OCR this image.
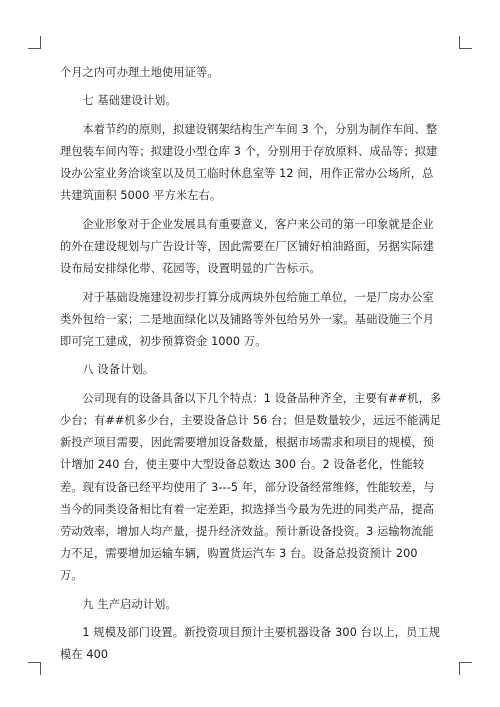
个月之内可办理土地使用证等。

七 基础建设计划。

本着节约的原则，拟建设钢架结构生产车间 3 个，分别为制作车间、整理包装车间内等；拟建设小型仓库 3 个，分别用于存放原料、成品等；拟建设办公室业务洽谈室以及员工临时休息室等 12 间，用作正常办公场所，总共建筑面积 5000 平方米左右。

企业形象对于企业发展具有重要意义，客户来公司的第一印象就是企业的外在建设规划与广告设计等，因此需要在厂区铺好柏油路面，另据实际建设布局安排绿化带、花园等，设置明显的广告标示。

对于基础设施建设初步打算分成两块外包给施工单位，一是厂房办公室类外包给一家；二是地面绿化以及铺路等外包给另外一家。基础设施三个月即可完工建成，初步预算资金 1000 万。

八 设备计划。

公司现有的设备具备以下几个特点：1 设备品种齐全，主要有##机，多少台；有##机多少台，主要设备总计 56 台；但是数量较少，远远不能满足新投产项目需要，因此需要增加设备数量，根据市场需求和项目的规模，预计增加 240 台，使主要中大型设备总数达 300 台。2 设备老化，性能较差。现有设备已经平均使用了 3---5 年，部分设备经常维修，性能较差，与当今的同类设备相比有着一定差距，拟选择当今最为先进的同类产品，提高劳动效率，增加人均产量，提升经济效益。预计新设备投资。3 运输物流能力不足，需要增加运输车辆，购置货运汽车 3 台。设备总投资预计 200 万。

九 生产启动计划。

1 规模及部门设置。新投资项目预计主要机器设备 300 台以上，员工规模在 400
